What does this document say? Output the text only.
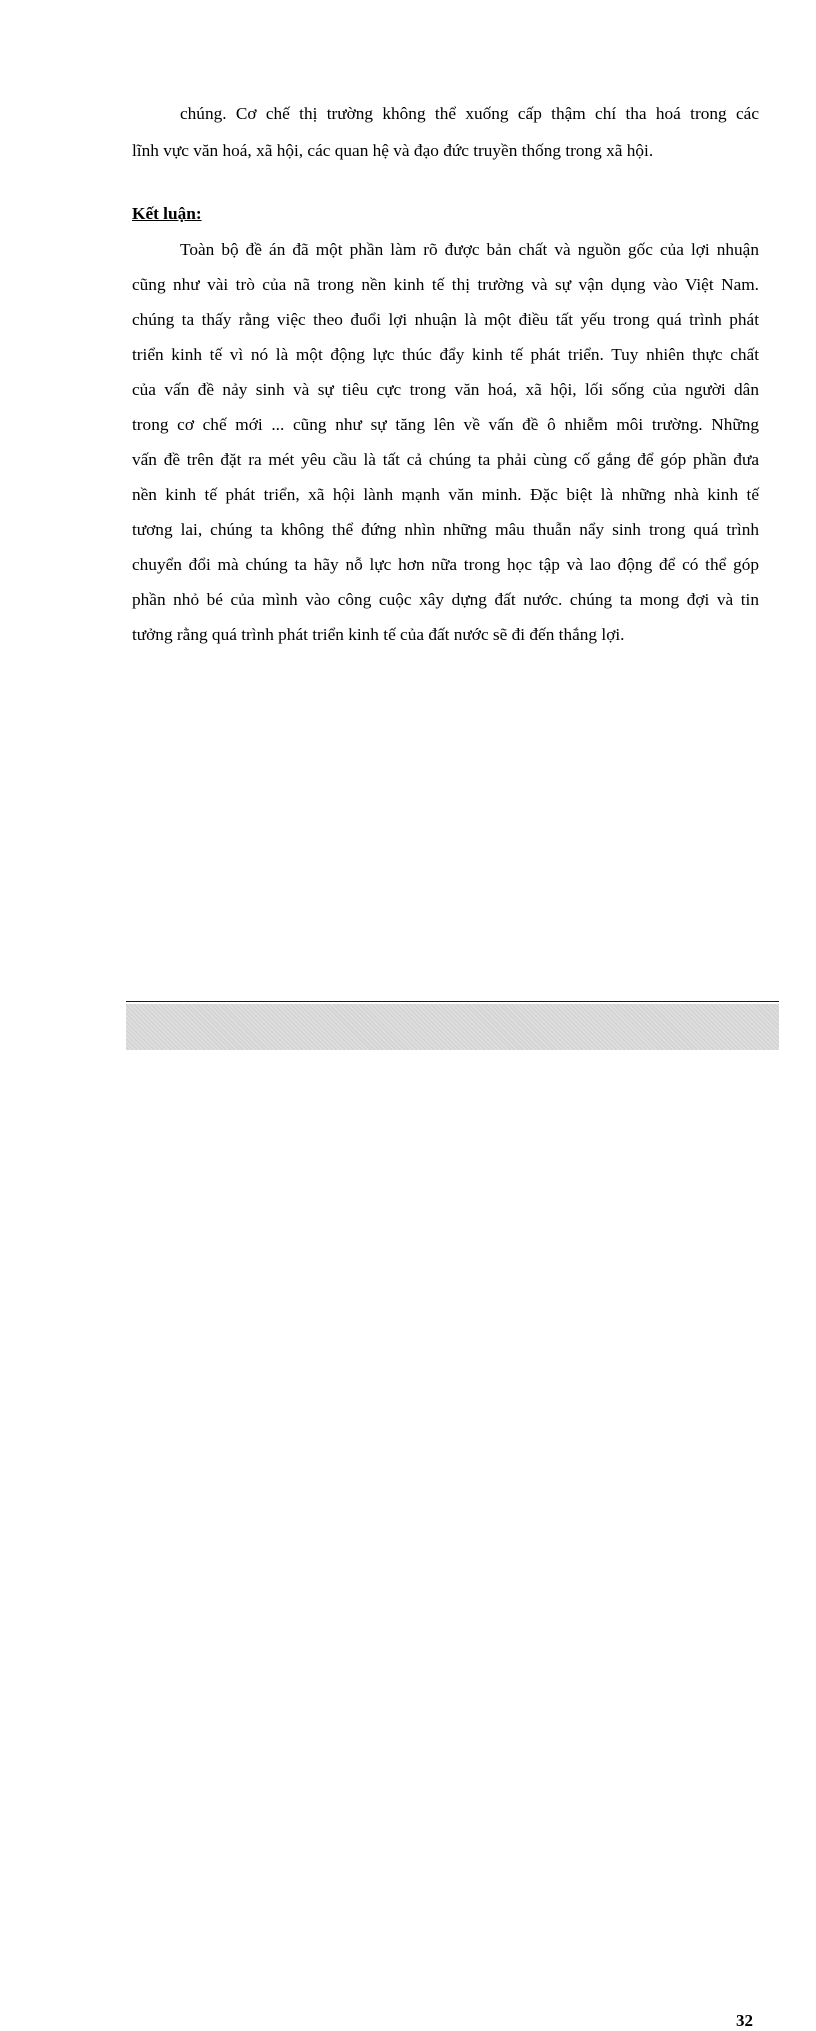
chúng. Cơ chế thị trường không thể xuống cấp thậm chí tha hoá trong các
lĩnh vực văn hoá, xã hội, các quan hệ và đạo đức truyền thống trong xã hội.
Kết luận:
Toàn bộ đề án đã một phần làm rõ được bản chất và nguồn gốc của lợi nhuận
cũng như vài trò của nã trong nền kinh tế thị trường và sự vận dụng vào Việt Nam.
chúng ta thấy rằng việc theo đuổi lợi nhuận là một điều tất yếu trong quá trình phát
triển kinh tế vì nó là một động lực thúc đẩy kinh tế phát triển. Tuy nhiên thực chất
của vấn đề nảy sinh và sự tiêu cực trong văn hoá, xã hội, lối sống của người dân
trong cơ chế mới ... cũng như sự tăng lên về vấn đề ô nhiễm môi trường. Những
vấn đề trên đặt ra mét yêu cầu là tất cả chúng ta phải cùng cố gắng để góp phần đưa
nền kinh tế phát triển, xã hội lành mạnh văn minh. Đặc biệt là những nhà kinh tế
tương lai, chúng ta không thể đứng nhìn những mâu thuẫn nẩy sinh trong quá trình
chuyển đổi mà chúng ta hãy nỗ lực hơn nữa trong học tập và lao động để có thể góp
phần nhỏ bé của mình vào công cuộc xây dựng đất nước. chúng ta mong đợi và tin
tưởng rằng quá trình phát triển kinh tế của đất nước sẽ đi đến thắng lợi.
32
